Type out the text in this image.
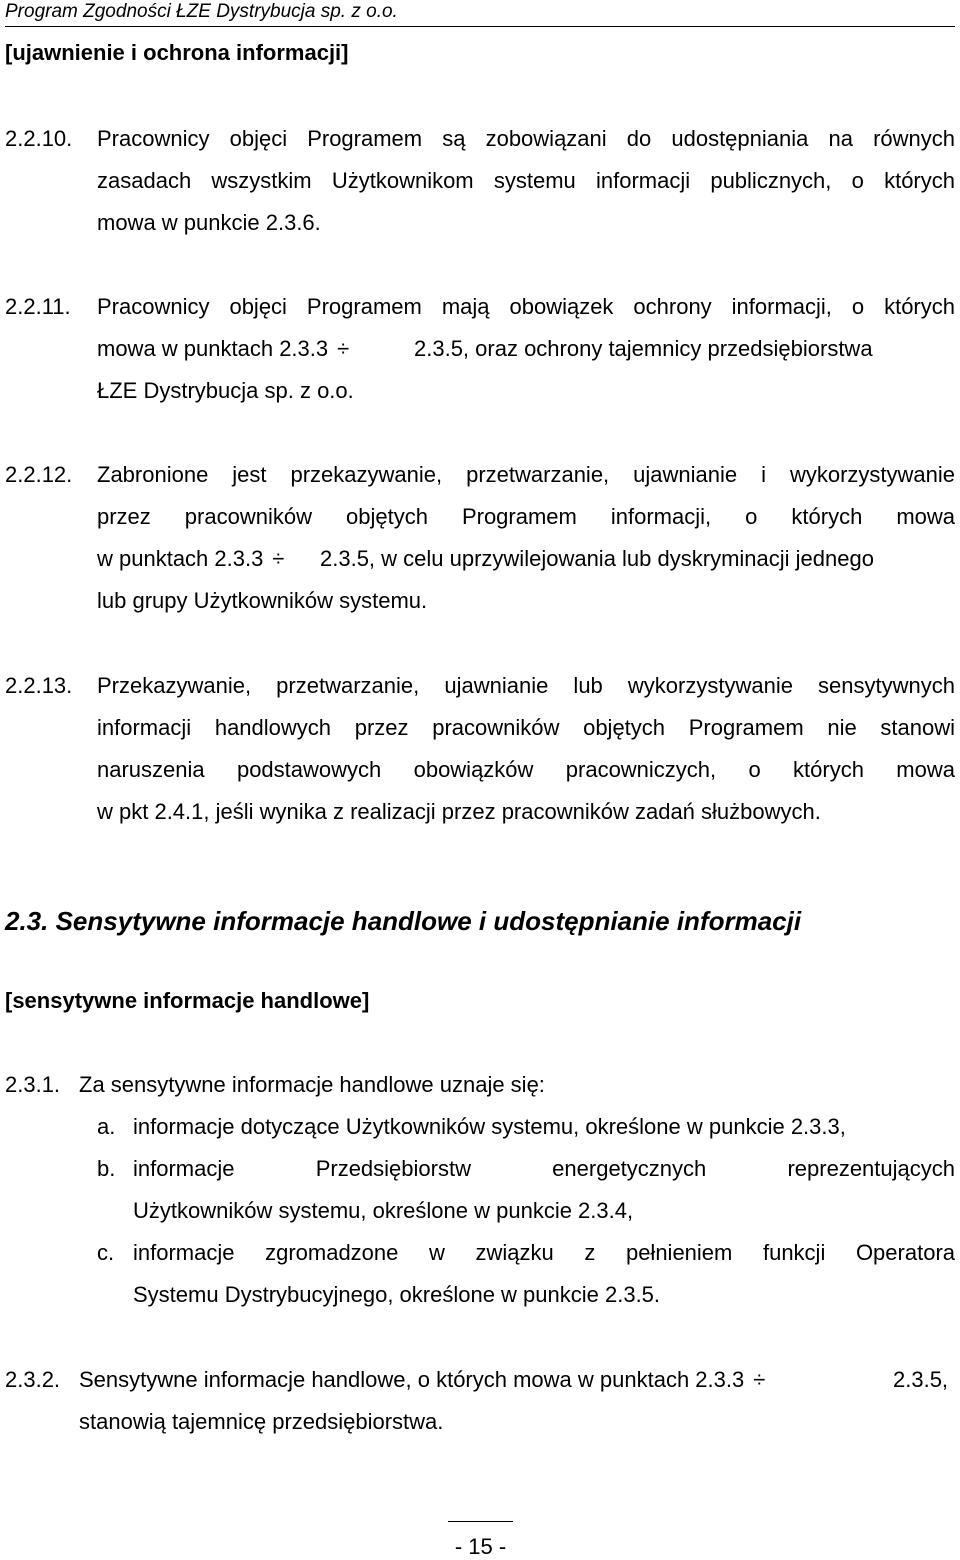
Program Zgodności ŁZE Dystrybucja sp. z o.o.
[ujawnienie i ochrona informacji]
2.2.10. Pracownicy objęci Programem są zobowiązani do udostępniania na równych
zasadach wszystkim Użytkownikom systemu informacji publicznych, o których
mowa w punkcie 2.3.6.
2.2.11. Pracownicy objęci Programem mają obowiązek ochrony informacji, o których
mowa w punktach 2.3.3 ÷	2.3.5, oraz ochrony tajemnicy przedsiębiorstwa
ŁZE Dystrybucja sp. z o.o.
2.2.12. Zabronione jest przekazywanie, przetwarzanie, ujawnianie i wykorzystywanie
przez pracowników objętych Programem informacji, o których mowa
w punktach 2.3.3 ÷	2.3.5, w celu uprzywilejowania lub dyskryminacji jednego
lub grupy Użytkowników systemu.
2.2.13. Przekazywanie, przetwarzanie, ujawnianie lub wykorzystywanie sensytywnych
informacji handlowych przez pracowników objętych Programem nie stanowi
naruszenia podstawowych obowiązków pracowniczych, o których mowa
w pkt 2.4.1, jeśli wynika z realizacji przez pracowników zadań służbowych.
2.3. Sensytywne informacje handlowe i udostępnianie informacji
[sensytywne informacje handlowe]
2.3.1. Za sensytywne informacje handlowe uznaje się:
a. informacje dotyczące Użytkowników systemu, określone w punkcie 2.3.3,
b. informacje Przedsiębiorstw energetycznych reprezentujących
Użytkowników systemu, określone w punkcie 2.3.4,
c. informacje zgromadzone w związku z pełnieniem funkcji Operatora
Systemu Dystrybucyjnego, określone w punkcie 2.3.5.
2.3.2. Sensytywne informacje handlowe, o których mowa w punktach 2.3.3 ÷	2.3.5,
stanowią tajemnicę przedsiębiorstwa.
- 15 -
